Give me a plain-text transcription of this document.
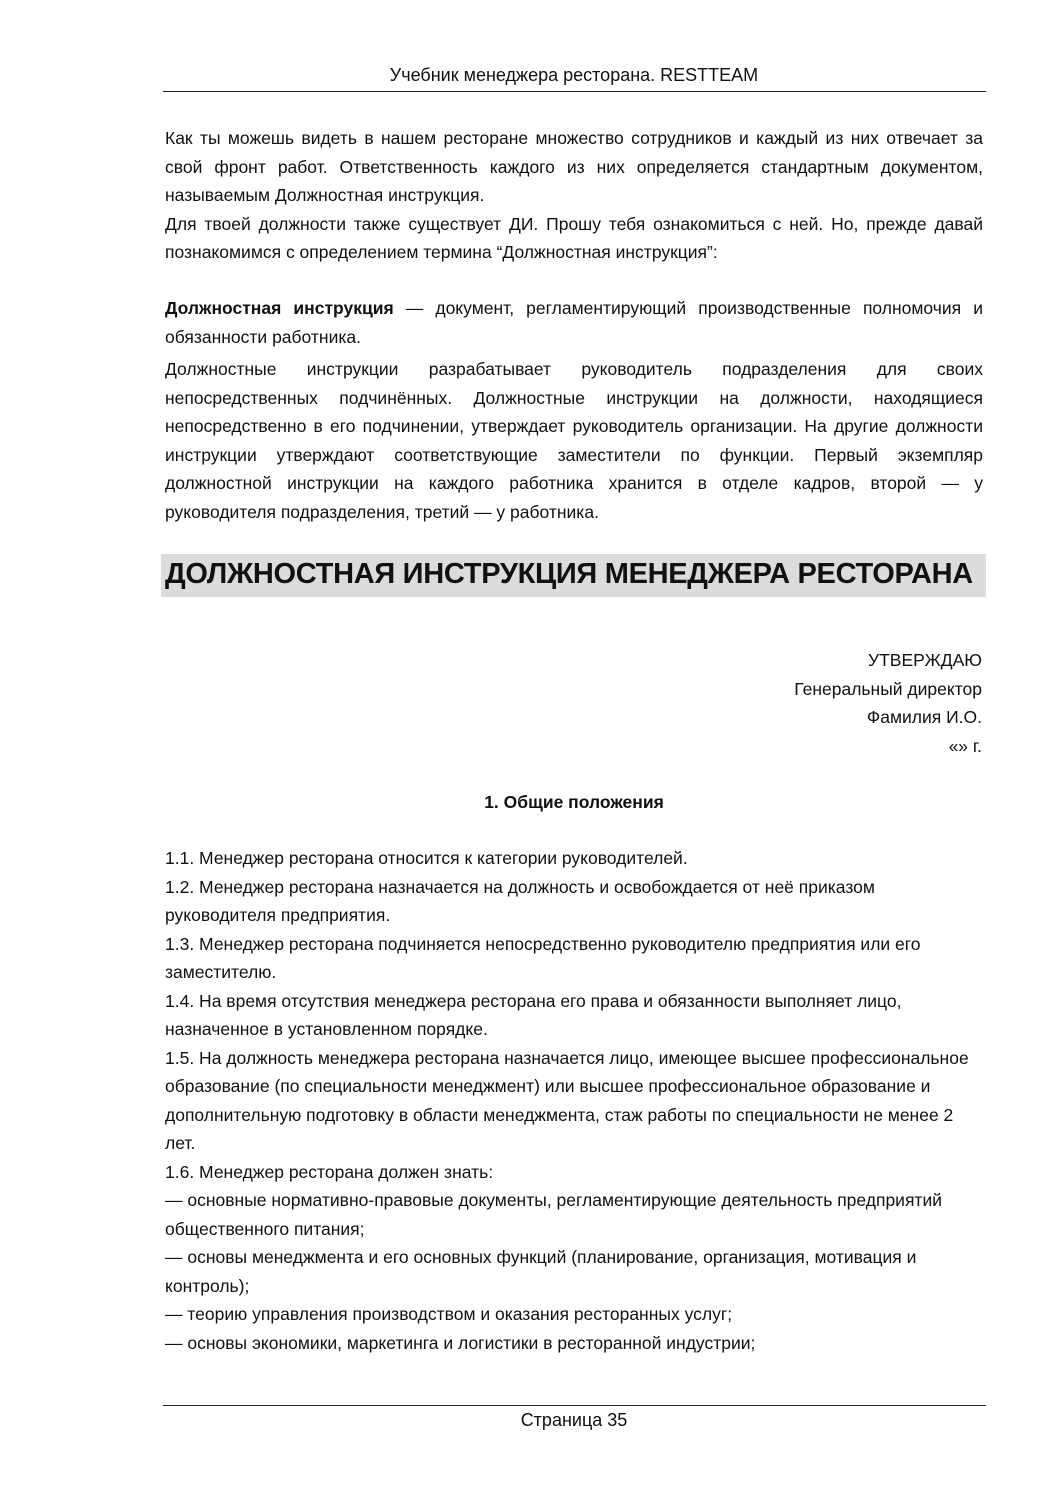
Учебник менеджера ресторана. RESTTEAM

Как ты можешь видеть в нашем ресторане множество сотрудников и каждый из них отвечает за свой фронт работ. Ответственность каждого из них определяется стандартным документом, называемым Должностная инструкция.

Для твоей должности также существует ДИ. Прошу тебя ознакомиться с ней. Но, прежде давай познакомимся с определением термина “Должностная инструкция”:

Должностная инструкция — документ, регламентирующий производственные полномочия и обязанности работника.

Должностные инструкции разрабатывает руководитель подразделения для своих непосредственных подчинённых. Должностные инструкции на должности, находящиеся непосредственно в его подчинении, утверждает руководитель организации. На другие должности инструкции утверждают соответствующие заместители по функции. Первый экземпляр должностной инструкции на каждого работника хранится в отделе кадров, второй — у руководителя подразделения, третий — у работника.

ДОЛЖНОСТНАЯ ИНСТРУКЦИЯ МЕНЕДЖЕРА РЕСТОРАНА
УТВЕРЖДАЮ
Генеральный директор
Фамилия И.О.
«» г.
1. Общие положения

1.1. Менеджер ресторана относится к категории руководителей.

1.2. Менеджер ресторана назначается на должность и освобождается от неё приказом руководителя предприятия.

1.3. Менеджер ресторана подчиняется непосредственно руководителю предприятия или его заместителю.

1.4. На время отсутствия менеджера ресторана его права и обязанности выполняет лицо, назначенное в установленном порядке.

1.5. На должность менеджера ресторана назначается лицо, имеющее высшее профессиональное образование (по специальности менеджмент) или высшее профессиональное образование и дополнительную подготовку в области менеджмента, стаж работы по специальности не менее 2 лет.

1.6. Менеджер ресторана должен знать:

— основные нормативно-правовые документы, регламентирующие деятельность предприятий общественного питания;

— основы менеджмента и его основных функций (планирование, организация, мотивация и контроль);

— теорию управления производством и оказания ресторанных услуг;

— основы экономики, маркетинга и логистики в ресторанной индустрии;

Страница 35
